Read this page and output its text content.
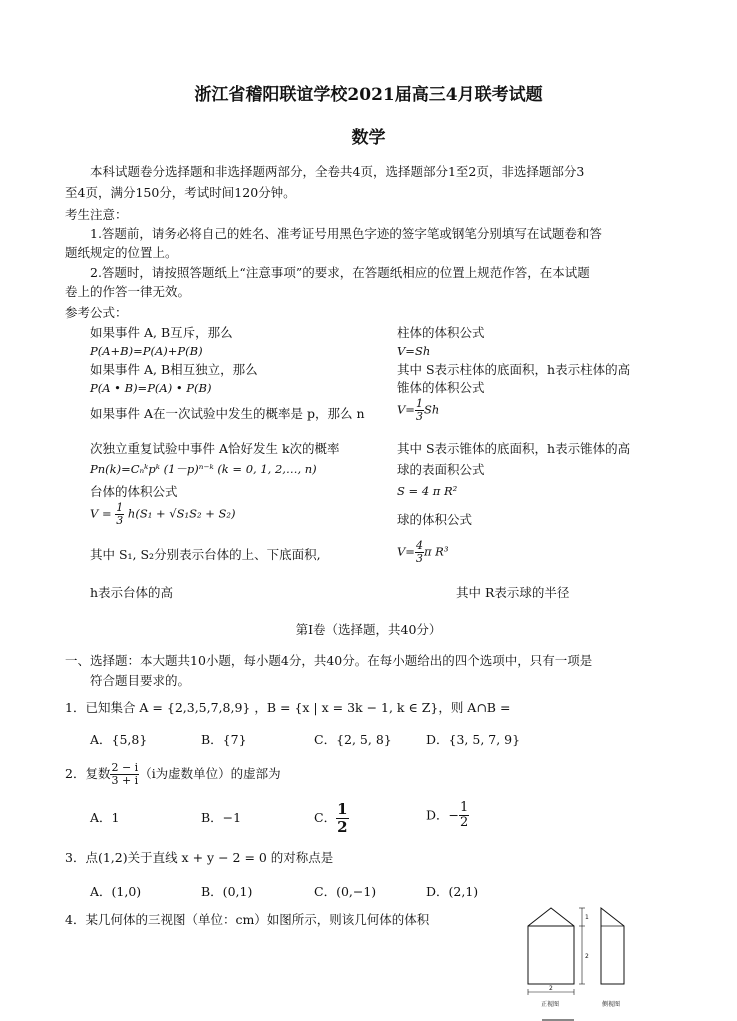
浙江省稽阳联谊学校2021届高三4月联考试题
数学
本科试题卷分选择题和非选择题两部分，全卷共4页，选择题部分1至2页，非选择题部分3
至4页，满分150分，考试时间120分钟。
考生注意：
1.答题前，请务必将自己的姓名、准考证号用黑色字迹的签字笔或钢笔分别填写在试题卷和答
题纸规定的位置上。
2.答题时，请按照答题纸上“注意事项”的要求，在答题纸相应的位置上规范作答，在本试题
卷上的作答一律无效。
参考公式：
如果事件 A, B互斥，那么
P(A+B)=P(A)+P(B)
如果事件 A, B相互独立，那么
P(A • B)=P(A) • P(B)
如果事件 A在一次试验中发生的概率是 p，那么 n
次独立重复试验中事件 A恰好发生 k次的概率
Pn(k)=Cₙᵏpᵏ (1－p)ⁿ⁻ᵏ (k = 0, 1, 2,…, n)
台体的体积公式
$V = \frac{1}{3} h(S_1 + √S_1S_2 + S_2)$
其中 S₁, S₂分别表示台体的上、下底面积,
h表示台体的高
柱体的体积公式
V=Sh
其中 S表示柱体的底面积，h表示柱体的高
锥体的体积公式
$V= \frac{1}{3}$ Sh
其中 S表示锥体的底面积，h表示锥体的高
球的表面积公式
S = 4 π R²
球的体积公式
$V= \frac{4}{3}$ π R³
其中 R表示球的半径
第Ⅰ卷（选择题，共40分）
一、选择题：本大题共10小题，每小题4分，共40分。在每小题给出的四个选项中，只有一项是
符合题目要求的。
1．已知集合 A = {2,3,5,7,8,9} ，B = {x | x = 3k − 1, k ∈ Z}，则 A∩B =
A．{5,8}	B．{7}	C．{2, 5, 8}	D．{3, 5, 7, 9}
2．复数 $\frac{2 - i}{3 + i} (i$为虚数单位）的虚部为
A．1	B．−1	C． $\frac{1}{2}$	D．− $\frac{1}{2}$
3．点(1,2)关于直线 x + y − 2 = 0 的对称点是
A．(1,0)	B．(0,1)	C．(0,−1)	D．(2,1)
4．某几何体的三视图（单位：cm）如图所示，则该几何体的体积	1
2
2
正视图	侧视图
